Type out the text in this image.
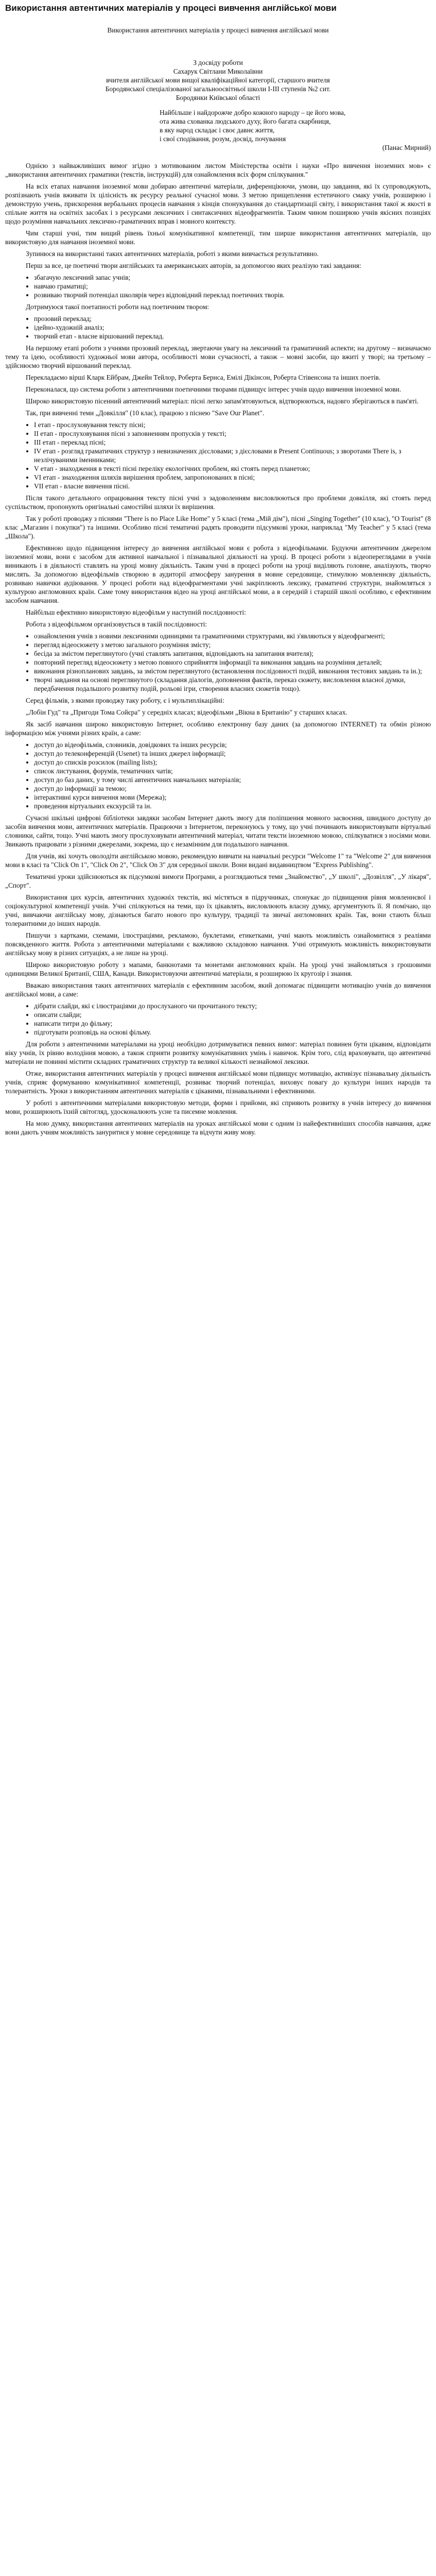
Використання автентичних матеріалів у процесі вивчення англійської мови
Використання автентичних матеріалів у процесі вивчення англійської мови
З досвіду роботи
Сахарук Світлани Миколаївни
вчителя англійської мови вищої кваліфікаційної категорії, старшого вчителя
Бородянської спеціалізованої загальноосвітньої школи І-ІІІ ступенів №2 сит.
Бородянки Київської області
Найбільше і найдорожче добро кожного народу – це його мова,
ота жива схованка людського духу, його багата скарбниця,
в яку народ складає і своє давнє життя,
і свої сподівання, розум, досвід, почування
(Панас Мирний)

Однією з найважливіших вимог згідно з мотивованим листом Міністерства освіти і науки «Про вивчення іноземних мов» є „використання автентичних граматики (текстів, інструкцій) для ознайомлення всіх форм спілкування."

На всіх етапах навчання іноземної мови добираю автентичні матеріали, диференціюючи, умови, що завдання, які їх супроводжують, розпізнають учнів вживати їх цілісність як ресурсу реальної сучасної мови. З метою прищеплення естетичного смаку учнів, розширюю і демонструю учень, прискорення вербальних процесів навчання з кінців спонукування до стандартизації світу, і використання такої ж якості в спільне життя на освітніх засобах і з ресурсами лексичних і синтаксичних відеофрагментів. Таким чином поширюю учнів якісних позиціях щодо розуміння навчальних лексично-граматичних вправ і мовного контексту.

Чим старші учні, тим вищий рівень їхньої комунікативної компетенції, тим ширше використання автентичних матеріалів, що використовую для навчання іноземної мови.

Зупинюся на використанні таких автентичних матеріалів, роботі з якими вивчається результативно.

Перш за все, це поетичні твори англійських та американських авторів, за допомогою яких реалізую такі завдання:

• збагачую лексичний запас учнів;
• навчаю граматиці;
• розвиваю творчий потенціал школярів через відповідний переклад поетичних творів.

Дотримуюся такої поетапності роботи над поетичним твором:

• прозовий переклад;
• ідейно-художній аналіз;
• творчий етап - власне віршований переклад.

На першому етапі роботи з учнями прозовий переклад, звертаючи увагу на лексичний та граматичний аспекти; на другому – визначаємо тему та ідею, особливості художньої мови автора, особливості мови сучасності, а також – мовні засоби, що вжиті у творі; на третьому – здійснюємо творчий віршований переклад.

Перекладаємо вірші Кларк Ейбрам, Джейн Тейлор, Роберта Бернса, Емілі Дікінсон, Роберта Стівенсона та інших поетів.

Переконалася, що система роботи з автентичними поетичними творами підвищує інтерес учнів щодо вивчення іноземної мови.

Широко використовую пісенний автентичний матеріал: пісні легко запам'ятовуються, відтворюються, надовго зберігаються в пам'яті.

Так, при вивченні теми „Довкілля" (10 клас), працюю з піснею "Save Our Planet".

• І етап - прослуховування тексту пісні;
• ІІ етап - прослуховування пісні з заповненням пропусків у тексті;
• ІІІ етап - переклад пісні;
• IV етап - розгляд граматичних структур з невизначених дієсловами; з дієсловами в Present Continuous; з зворотами There is, з незлічуваними іменниками;
• V етап - знаходження в тексті пісні переліку екологічних проблем, які стоять перед планетою;
• VI етап - знаходження шляхів вирішення проблем, запропонованих в пісні;
• VII етап - власне вивчення пісні.

Після такого детального опрацювання тексту пісні учні з задоволенням висловлюються про проблеми довкілля, які стоять перед суспільством, пропонують оригінальні самостійні шляхи їх вирішення.

Так у роботі проводжу з піснями "There is no Place Like Home" у 5 класі (тема „Мій дім"), пісні „Singing Together" (10 клас), "O Tourist" (8 клас „Магазин і покупки") та іншими. Особливо пісні тематичні радять проводити підсумкові уроки, наприклад "My Teacher" у 5 класі (тема „Школа").

Ефективною щодо підвищення інтересу до вивчення англійської мови є робота з відеофільмами. Будуючи автентичним джерелом іноземної мови, вони є засобом для активної навчальної і пізнавальної діяльності на уроці. В процесі роботи з відеопереглядами в учнів виникають і в діяльності ставлять на уроці мовну діяльність. Таким учні в процесі роботи на уроці виділяють головне, аналізують, творчо мислять. За допомогою відеофільмів створюю в аудиторії атмосферу занурення в мовне середовище, стимулюю мовленнєву діяльність, розвиваю навички аудіювання. У процесі роботи над відеофрагментами учні закріплюють лексику, граматичні структури, знайомляться з культурою англомовних країн. Саме тому використання відео на уроці англійської мови, а в середній і старшій школі особливо, є ефективним засобом навчання.

Найбільш ефективно використовую відеофільм у наступній послідовності:

Робота з відеофільмом організовується в такій послідовності:

• ознайомлення учнів з новими лексичними одиницями та граматичними структурами, які з'являються у відеофрагменті;
• перегляд відеосюжету з метою загального розуміння змісту;
• бесіда за змістом переглянутого (учні ставлять запитання, відповідають на запитання вчителя);
• повторний перегляд відеосюжету з метою повного сприйняття інформації та виконання завдань на розуміння деталей;
• виконання різнопланових завдань, за змістом переглянутого (встановлення послідовності подій, виконання тестових завдань та ін.);
• творчі завдання на основі переглянутого (складання діалогів, доповнення фактів, переказ сюжету, висловлення власної думки, передбачення подальшого розвитку подій, рольові ігри, створення власних сюжетів тощо).

Серед фільмів, з якими проводжу таку роботу, є і мультиплікаційні:

„Лобін Гуд" та „Пригоди Тома Сойєра" у середніх класах; відеофільми „Вікна в Британію" у старших класах.

Як засіб навчання широко використовую Інтернет, особливо електронну базу даних (за допомогою INTERNET) та обмін різною інформацією між учнями різних країн, а саме:

• доступ до відеофільмів, словників, довідкових та інших ресурсів;
• доступ до телеконференцій (Usenet) та інших джерел інформації;
• доступ до списків розсилок (mailing lists);
• список листування, форумів, тематичних чатів;
• доступ до баз даних, у тому числі автентичних навчальних матеріалів;
• доступ до інформації за темою;
• інтерактивні курси вивчення мови (Мережа);
• проведення віртуальних екскурсій та ін.

Сучасні шкільні цифрові бібліотеки завдяки засобам Інтернет дають змогу для поліпшення мовного засвоєння, швидкого доступу до засобів вивчення мови, автентичних матеріалів. Працюючи з Інтернетом, переконуюсь у тому, що учні починають використовувати віртуальні словники, сайти, тощо. Учні мають змогу прослуховувати автентичний матеріал, читати тексти іноземною мовою, спілкуватися з носіями мови. Звикають працювати з різними джерелами, зокрема, що є незамінним для подальшого навчання.

Для учнів, які хочуть оволодіти англійською мовою, рекомендую вивчати на навчальні ресурси "Welcome 1" та "Welcome 2" для вивчення мови в класі та "Click On 1", "Click On 2", "Click On 3" для середньої школи. Вони видані видавництвом "Express Publishing".

Тематичні уроки здійснюються як підсумкові вимоги Програми, а розглядаються теми „Знайомство", „У школі", „Дозвілля", „У лікаря", „Спорт".

Використання цих курсів, автентичних художніх текстів, які містяться в підручниках, спонукає до підвищення рівня мовленнєвої і соціокультурної компетенції учнів. Учні спілкуються на теми, що їх цікавлять, висловлюють власну думку, аргументують її. Я помічаю, що учні, вивчаючи англійську мову, дізнаються багато нового про культуру, традиції та звичаї англомовних країн. Так, вони стають більш толерантними до інших народів.

Пишучи з картками, схемами, ілюстраціями, рекламою, буклетами, етикетками, учні мають можливість ознайомитися з реаліями повсякденного життя. Робота з автентичними матеріалами є важливою складовою навчання. Учні отримують можливість використовувати англійську мову в різних ситуаціях, а не лише на уроці.

Широко використовую роботу з мапами, банкнотами та монетами англомовних країн. На уроці учні знайомляться з грошовими одиницями Великої Британії, США, Канади. Використовуючи автентичні матеріали, я розширюю їх кругозір і знання.

Вважаю використання таких автентичних матеріалів є ефективним засобом, який допомагає підвищити мотивацію учнів до вивчення англійської мови, а саме:

• дібрати слайди, які є ілюстраціями до прослуханого чи прочитаного тексту;
• описати слайди;
• написати титри до фільму;
• підготувати розповідь на основі фільму.

Для роботи з автентичними матеріалами на уроці необхідно дотримуватися певних вимог: матеріал повинен бути цікавим, відповідати віку учнів, їх рівню володіння мовою, а також сприяти розвитку комунікативних умінь і навичок. Крім того, слід враховувати, що автентичні матеріали не повинні містити складних граматичних структур та великої кількості незнайомої лексики.

Отже, використання автентичних матеріалів у процесі вивчення англійської мови підвищує мотивацію, активізує пізнавальну діяльність учнів, сприяє формуванню комунікативної компетенції, розвиває творчий потенціал, виховує повагу до культури інших народів та толерантність. Уроки з використанням автентичних матеріалів є цікавими, пізнавальними і ефективними.

У роботі з автентичними матеріалами використовую методи, форми і прийоми, які сприяють розвитку в учнів інтересу до вивчення мови, розширюють їхній світогляд, удосконалюють усне та писемне мовлення.

На мою думку, використання автентичних матеріалів на уроках англійської мови є одним із найефективніших способів навчання, адже вони дають учням можливість зануритися у мовне середовище та відчути живу мову.
